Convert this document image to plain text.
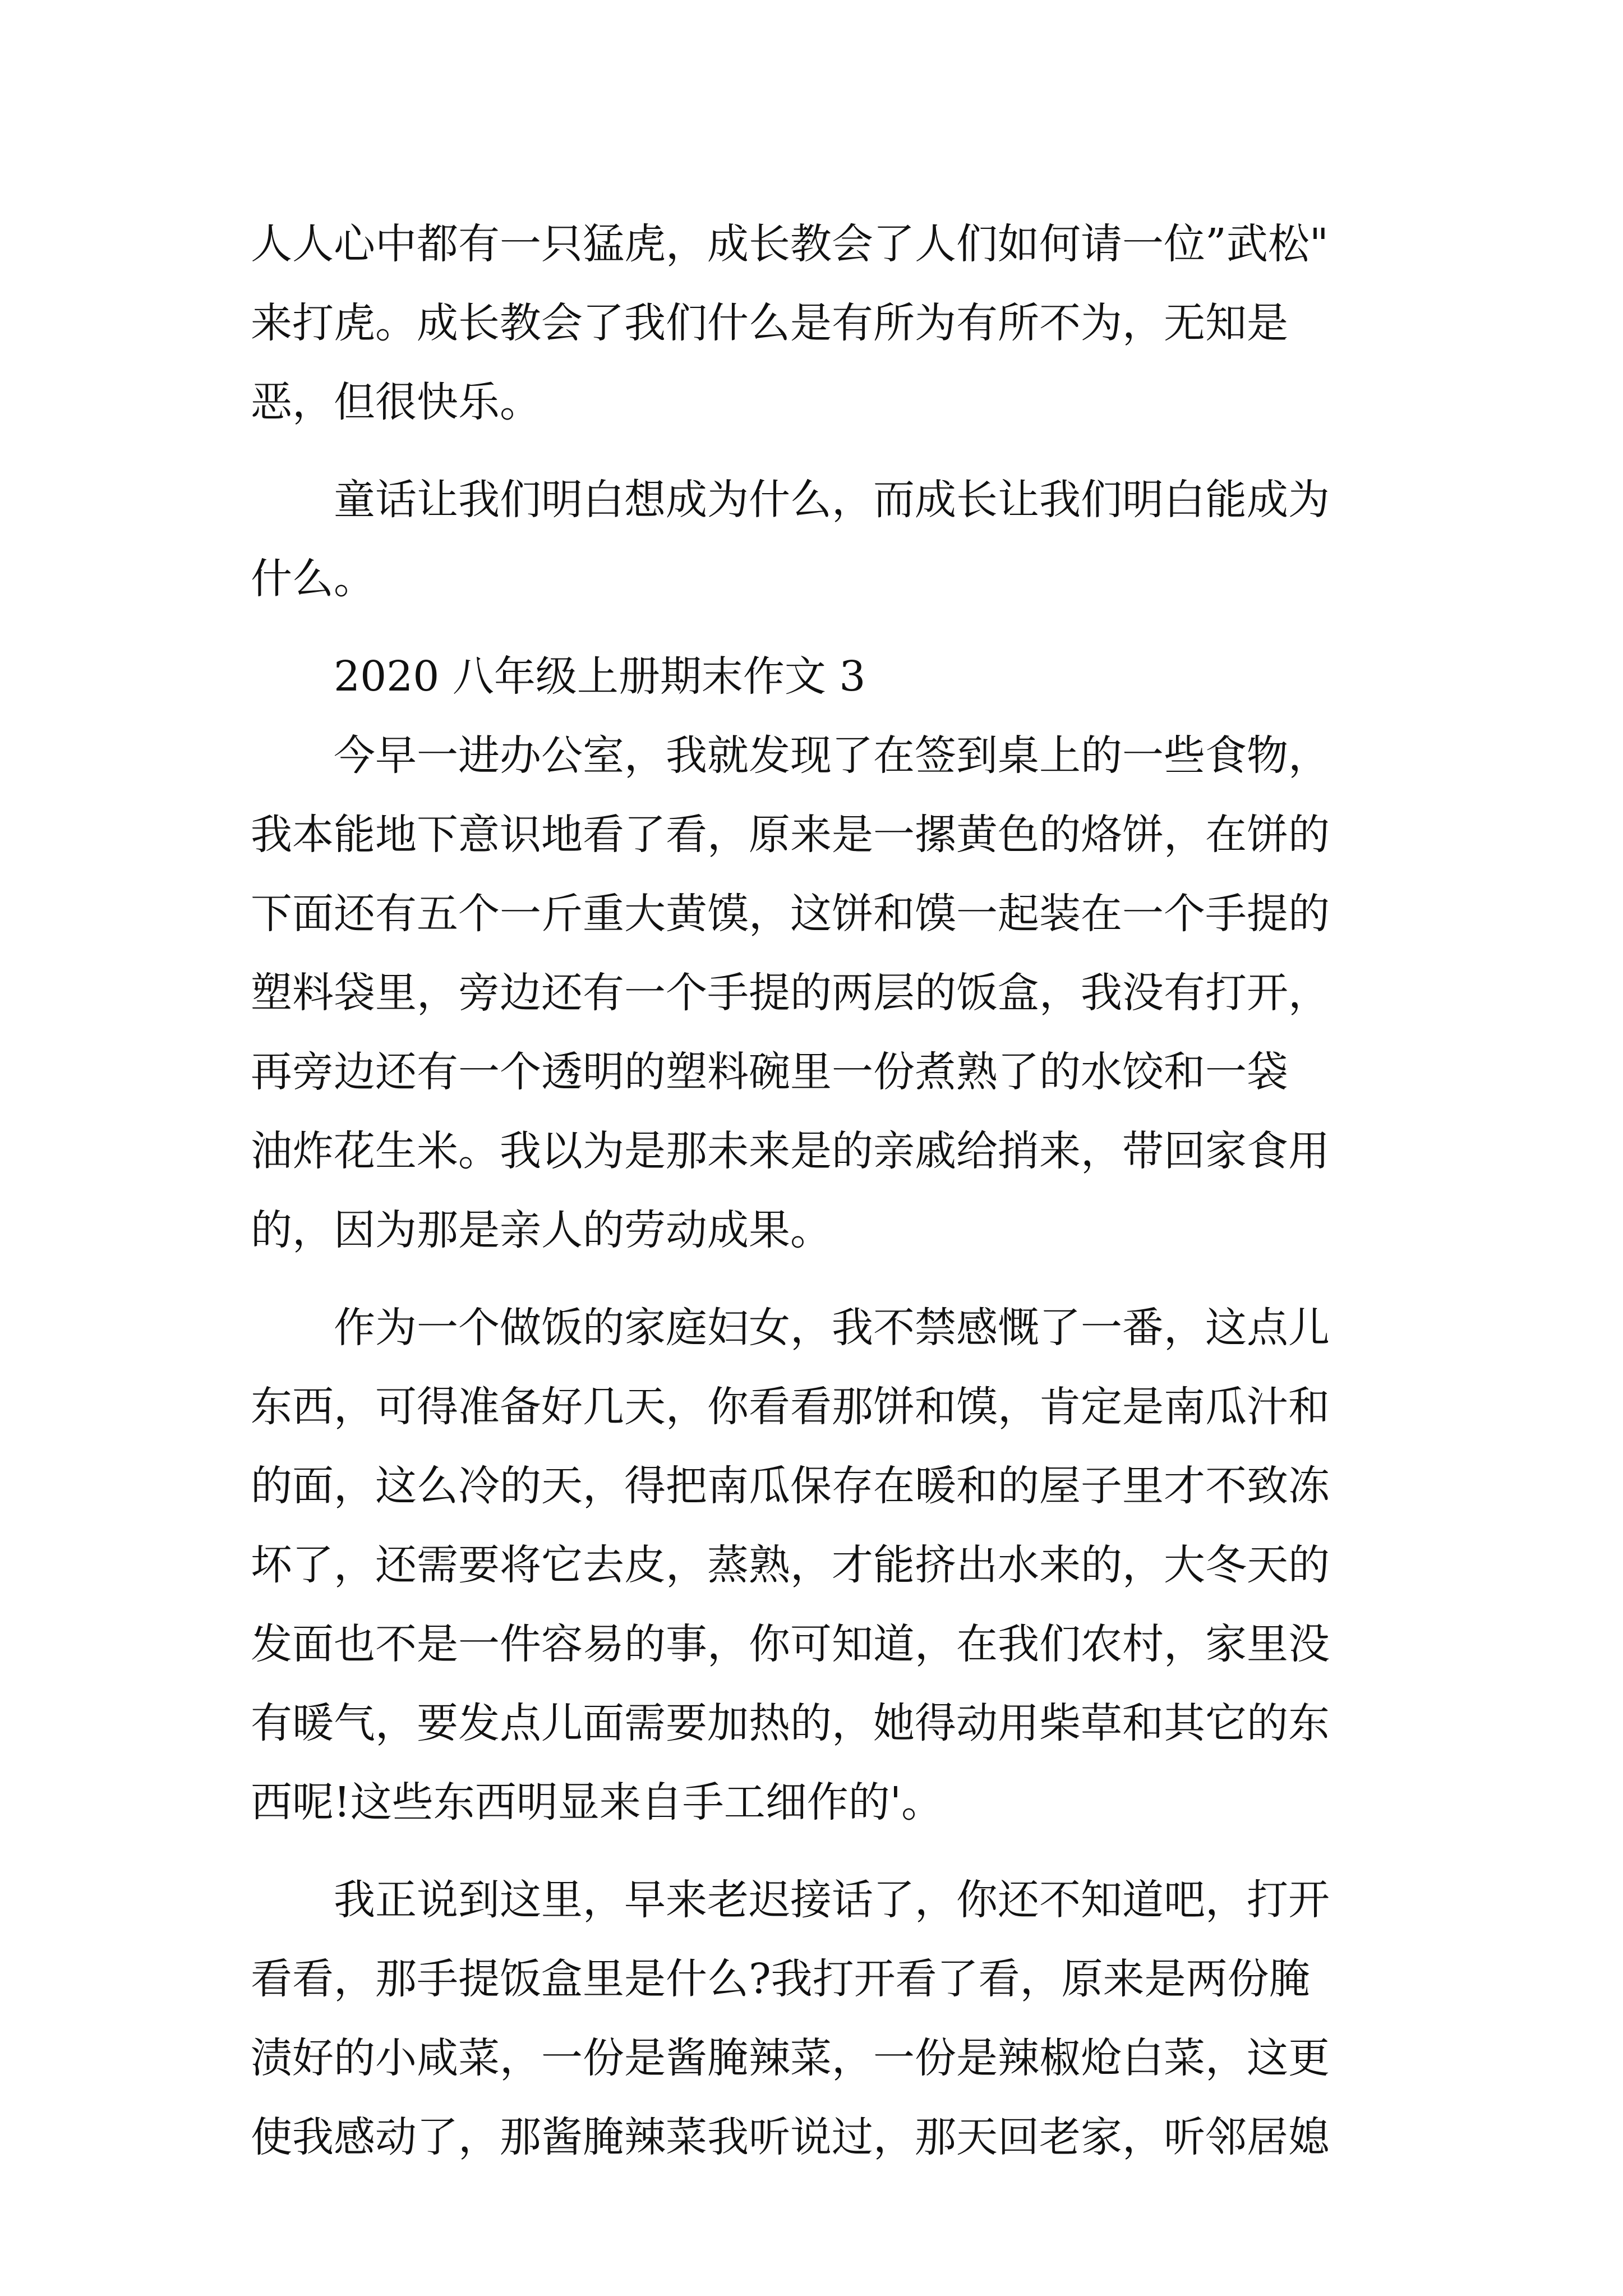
人人心中都有一只猛虎，成长教会了人们如何请一位”武松"
来打虎。成长教会了我们什么是有所为有所不为，无知是
恶，但很快乐。
童话让我们明白想成为什么，而成长让我们明白能成为
什么。
2020 八年级上册期末作文 3
今早一进办公室，我就发现了在签到桌上的一些食物，
我本能地下意识地看了看，原来是一摞黄色的烙饼，在饼的
下面还有五个一斤重大黄馍，这饼和馍一起装在一个手提的
塑料袋里，旁边还有一个手提的两层的饭盒，我没有打开，
再旁边还有一个透明的塑料碗里一份煮熟了的水饺和一袋
油炸花生米。我以为是那未来是的亲戚给捎来，带回家食用
的，因为那是亲人的劳动成果。
作为一个做饭的家庭妇女，我不禁感慨了一番，这点儿
东西，可得准备好几天，你看看那饼和馍，肯定是南瓜汁和
的面，这么冷的天，得把南瓜保存在暖和的屋子里才不致冻
坏了，还需要将它去皮，蒸熟，才能挤出水来的，大冬天的
发面也不是一件容易的事，你可知道，在我们农村，家里没
有暖气，要发点儿面需要加热的，她得动用柴草和其它的东
西呢!这些东西明显来自手工细作的'。
我正说到这里，早来老迟接话了，你还不知道吧，打开
看看，那手提饭盒里是什么?我打开看了看，原来是两份腌
渍好的小咸菜，一份是酱腌辣菜，一份是辣椒炝白菜，这更
使我感动了，那酱腌辣菜我听说过，那天回老家，听邻居媳
